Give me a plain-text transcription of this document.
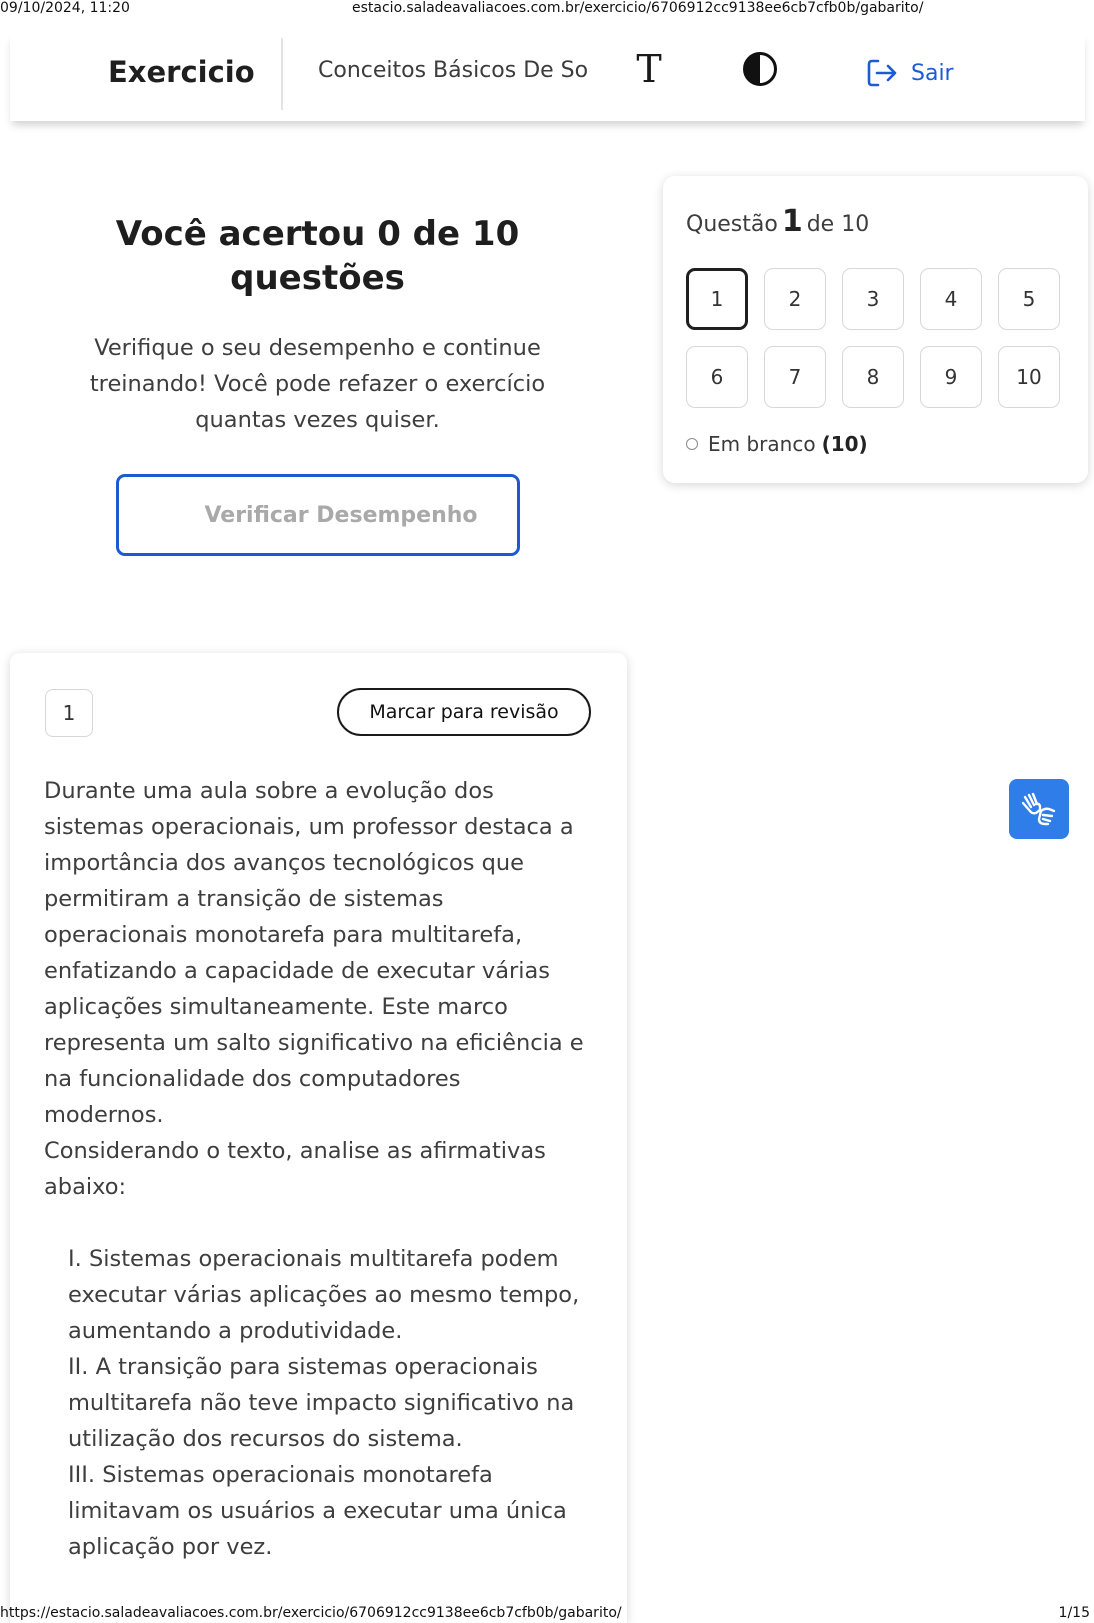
09/10/2024, 11:20	estacio.saladeavaliacoes.com.br/exercicio/6706912cc9138ee6cb7cfb0b/gabarito/
Exercicio	Conceitos Básicos De So	T	Sair
Você acertou 0 de 10
questões
Verifique o seu desempenho e continue
treinando! Você pode refazer o exercício
quantas vezes quiser.
Verificar Desempenho
Questão 1 de 10
1	2	3	4	5
6	7	8	9	10
Em branco (10)
1	Marcar para revisão
Durante uma aula sobre a evolução dos
sistemas operacionais, um professor destaca a
importância dos avanços tecnológicos que
permitiram a transição de sistemas
operacionais monotarefa para multitarefa,
enfatizando a capacidade de executar várias
aplicações simultaneamente. Este marco
representa um salto significativo na eficiência e
na funcionalidade dos computadores
modernos.
Considerando o texto, analise as afirmativas
abaixo:
I. Sistemas operacionais multitarefa podem
executar várias aplicações ao mesmo tempo,
aumentando a produtividade.
II. A transição para sistemas operacionais
multitarefa não teve impacto significativo na
utilização dos recursos do sistema.
III. Sistemas operacionais monotarefa
limitavam os usuários a executar uma única
aplicação por vez.
https://estacio.saladeavaliacoes.com.br/exercicio/6706912cc9138ee6cb7cfb0b/gabarito/	1/15
